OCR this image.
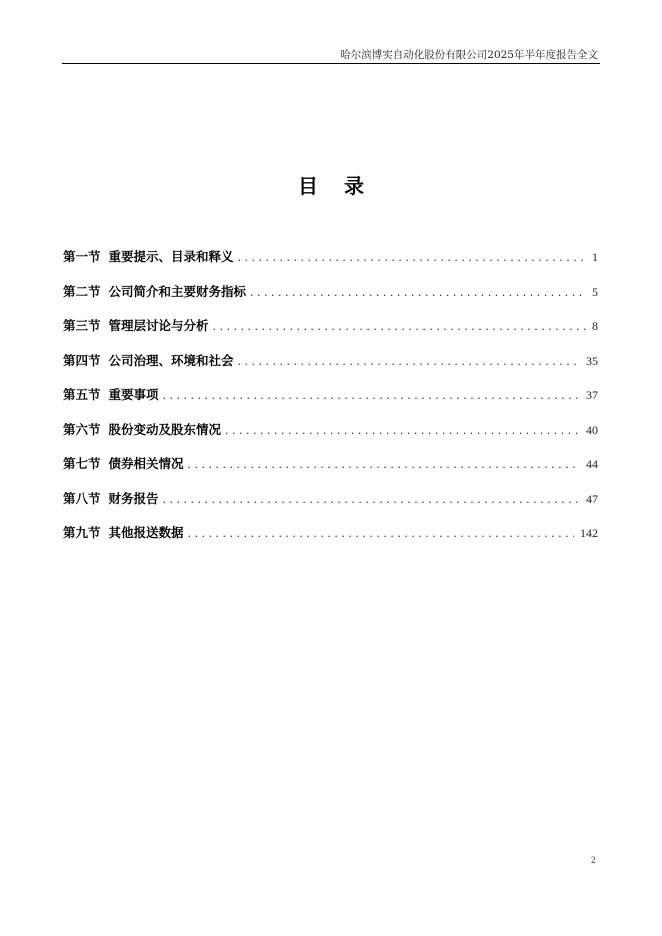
哈尔滨博实自动化股份有限公司2025年半年度报告全文
目录
第一节 重要提示、目录和释义 . . .	1
第二节 公司简介和主要财务指标 . . .	5
第三节 管理层讨论与分析 . . .	8
第四节 公司治理、环境和社会 . . .	35
第五节 重要事项 . . .	37
第六节 股份变动及股东情况 . . .	40
第七节 债券相关情况 . . .	44
第八节 财务报告 . . .	47
第九节 其他报送数据 . . .	142
2
